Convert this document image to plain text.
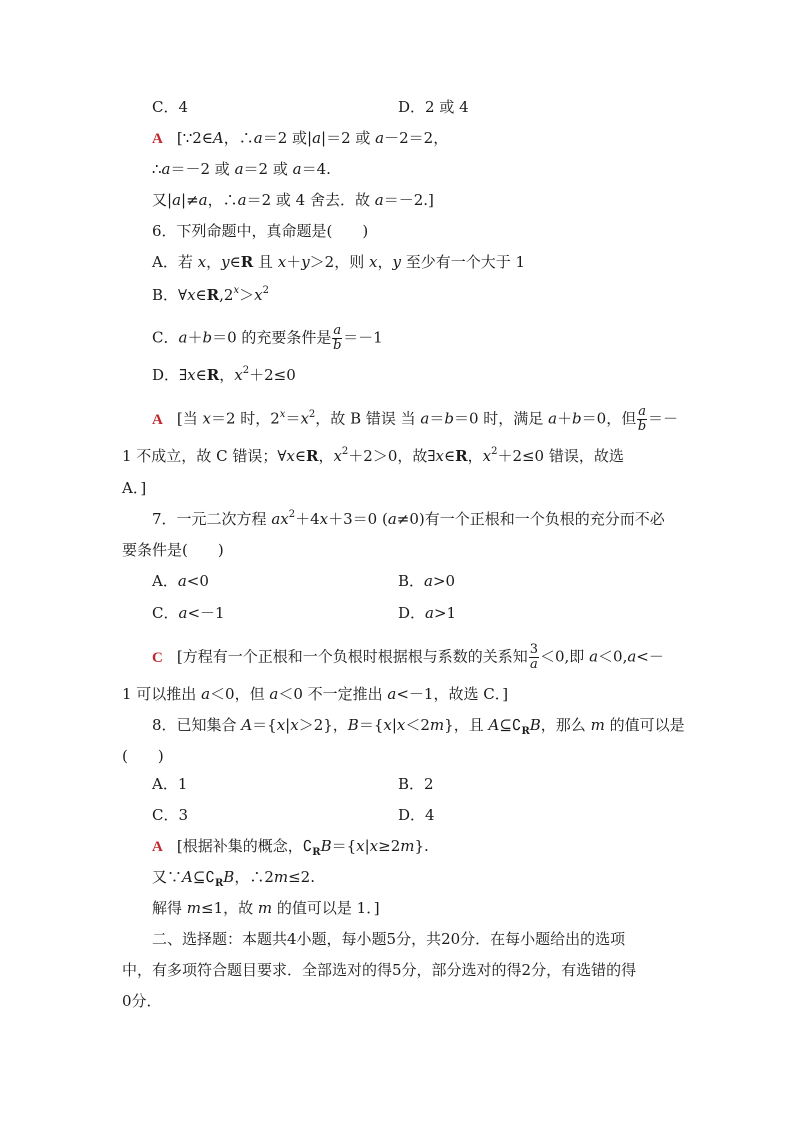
C．4	D．2 或 4
A [∵2∈A，∴a＝2 或|a|＝2 或 a－2＝2，
∴a＝－2 或 a＝2 或 a＝4.
又|a|≠a，∴a＝2 或 4 舍去．故 a＝－2.]
6．下列命题中，真命题是(　　)
A．若 x，y∈R 且 x＋y＞2，则 x，y 至少有一个大于 1
B．$\forall x\in R,2^x>x^2$
C．a＋b＝0 的充要条件是 $\frac{a}{b} =-1$
D．∃x∈R，$x^2+2\le 0$
A [当 x＝2 时，$2^x=x^2$，故 B 错误 当 a＝b＝0 时，满足 a＋b＝0，但 $\frac{a}{b}$ ＝－
1 不成立，故 C 错误；∀x∈R，$x^2+2>0$，故∃x∈R，$x^2+2\le 0$ 错误，故选
A．]
7．一元二次方程 $ax^2+4x+3=0$ (a≠0)有一个正根和一个负根的充分而不必
要条件是(　　)
A．a<0	B．a>0
C．a<－1	D．a>1
C [方程有一个正根和一个负根时根据根与系数的关系知 $\frac{3}{a} <0$,即 a＜0,a<－
1 可以推出 a＜0，但 a＜0 不一定推出 a<－1，故选 C．]
8．已知集合 A＝{x|x＞2}，B＝{x|x＜2m}，且 $A⊆∁_RB$，那么 m 的值可以是
(　　)
A．1	B．2
C．3	D．4
A [根据补集的概念，$∁_RB=\{x|x\ge 2m\}$.
又$\because A⊆∁_RB$，∴2m≤2.
解得 m≤1，故 m 的值可以是 1．]
二、选择题：本题共4小题，每小题5分，共20分．在每小题给出的选项
中，有多项符合题目要求．全部选对的得5分，部分选对的得2分，有选错的得
0分．
